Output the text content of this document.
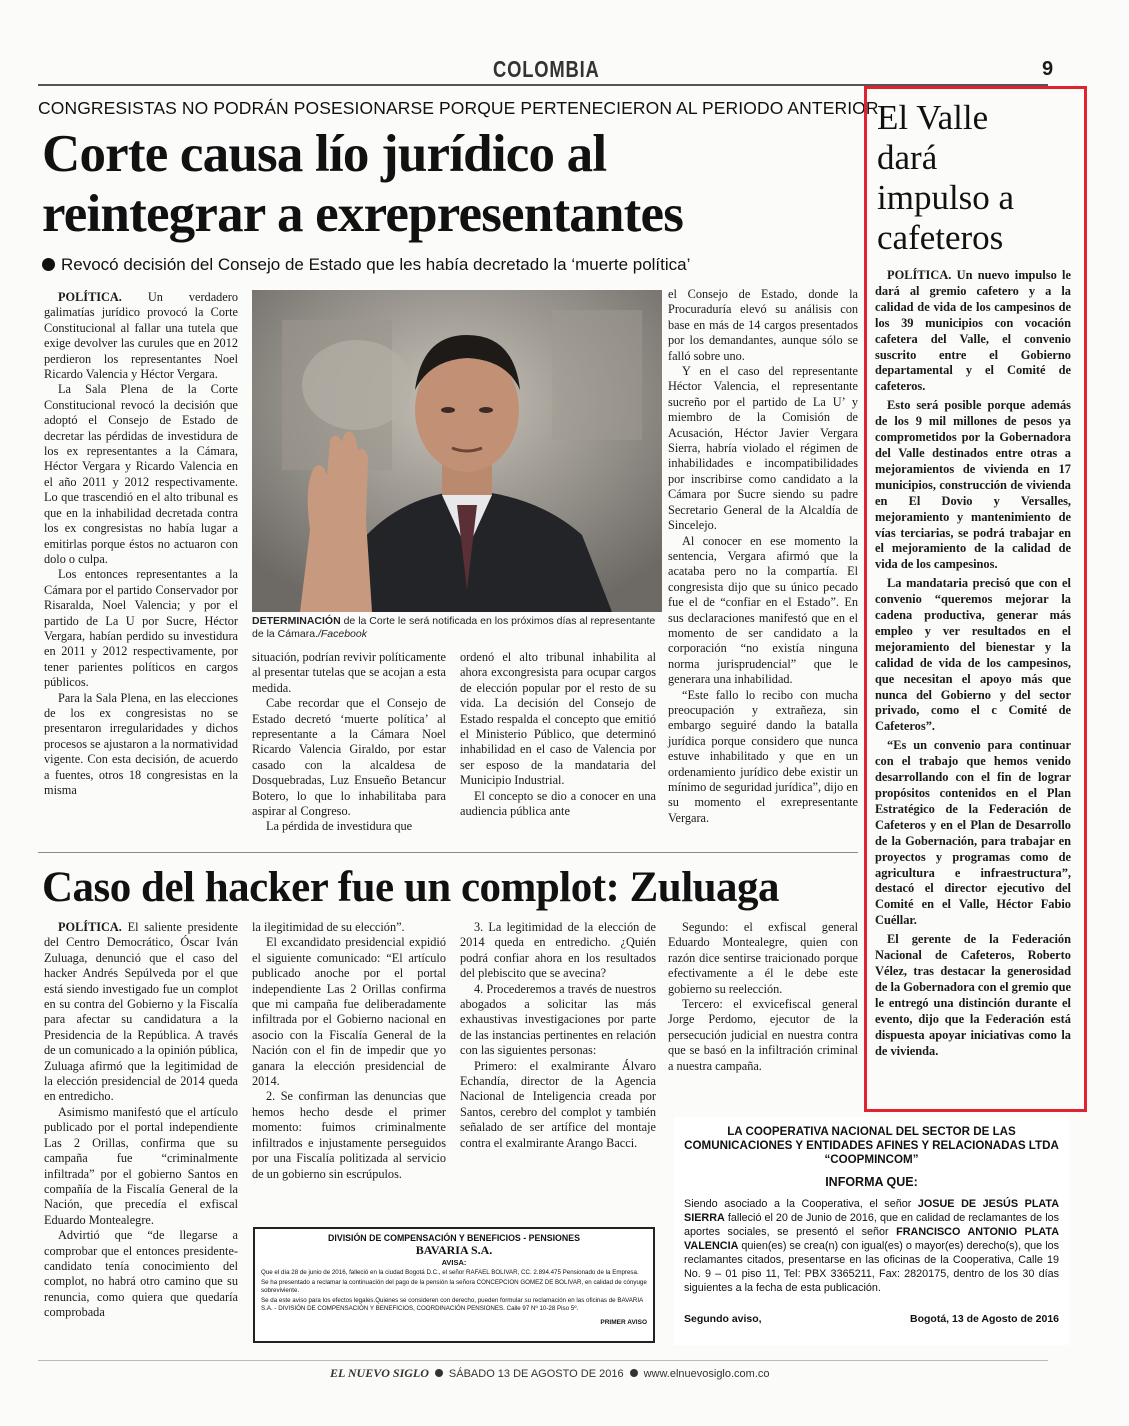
COLOMBIA	9
CONGRESISTAS NO PODRÁN POSESIONARSE PORQUE PERTENECIERON AL PERIODO ANTERIOR
Corte causa lío jurídico al
reintegrar a exrepresentantes
Revocó decisión del Consejo de Estado que les había decretado la ‘muerte política’

POLÍTICA. Un verdadero galimatías jurídico provocó la Corte Constitucional al fallar una tutela que exige devolver las curules que en 2012 perdieron los representantes Noel Ricardo Valencia y Héctor Vergara.

La Sala Plena de la Corte Constitucional revocó la decisión que adoptó el Consejo de Estado de decretar las pérdidas de investidura de los ex representantes a la Cámara, Héctor Vergara y Ricardo Valencia en el año 2011 y 2012 respectivamente. Lo que trascendió en el alto tribunal es que en la inhabilidad decretada contra los ex congresistas no había lugar a emitirlas porque éstos no actuaron con dolo o culpa.

Los entonces representantes a la Cámara por el partido Conservador por Risaralda, Noel Valencia; y por el partido de La U por Sucre, Héctor Vergara, habían perdido su investidura en 2011 y 2012 respectivamente, por tener parientes políticos en cargos públicos.

Para la Sala Plena, en las elecciones de los ex congresistas no se presentaron irregularidades y dichos procesos se ajustaron a la normatividad vigente. Con esta decisión, de acuerdo a fuentes, otros 18 congresistas en la misma

DETERMINACIÓN de la Corte le será notificada en los próximos días al representante de la Cámara./Facebook

situación, podrían revivir políticamente al presentar tutelas que se acojan a esta medida.

Cabe recordar que el Consejo de Estado decretó ‘muerte política’ al representante a la Cámara Noel Ricardo Valencia Giraldo, por estar casado con la alcaldesa de Dosquebradas, Luz Ensueño Betancur Botero, lo que lo inhabilitaba para aspirar al Congreso.

La pérdida de investidura que

ordenó el alto tribunal inhabilita al ahora excongresista para ocupar cargos de elección popular por el resto de su vida. La decisión del Consejo de Estado respalda el concepto que emitió el Ministerio Público, que determinó inhabilidad en el caso de Valencia por ser esposo de la mandataria del Municipio Industrial.

El concepto se dio a conocer en una audiencia pública ante

el Consejo de Estado, donde la Procuraduría elevó su análisis con base en más de 14 cargos presentados por los demandantes, aunque sólo se falló sobre uno.

Y en el caso del representante Héctor Valencia, el representante sucreño por el partido de La U’ y miembro de la Comisión de Acusación, Héctor Javier Vergara Sierra, habría violado el régimen de inhabilidades e incompatibilidades por inscribirse como candidato a la Cámara por Sucre siendo su padre Secretario General de la Alcaldía de Sincelejo.

Al conocer en ese momento la sentencia, Vergara afirmó que la acataba pero no la compartía. El congresista dijo que su único pecado fue el de “confiar en el Estado”. En sus declaraciones manifestó que en el momento de ser candidato a la corporación “no existía ninguna norma jurisprudencial” que le generara una inhabilidad.

“Este fallo lo recibo con mucha preocupación y extrañeza, sin embargo seguiré dando la batalla jurídica porque considero que nunca estuve inhabilitado y que en un ordenamiento jurídico debe existir un mínimo de seguridad jurídica”, dijo en su momento el exrepresentante Vergara.

Caso del hacker fue un complot: Zuluaga

POLÍTICA. El saliente presidente del Centro Democrático, Óscar Iván Zuluaga, denunció que el caso del hacker Andrés Sepúlveda por el que está siendo investigado fue un complot en su contra del Gobierno y la Fiscalía para afectar su candidatura a la Presidencia de la República. A través de un comunicado a la opinión pública, Zuluaga afirmó que la legitimidad de la elección presidencial de 2014 queda en entredicho.

Asimismo manifestó que el artículo publicado por el portal independiente Las 2 Orillas, confirma que su campaña fue “criminalmente infiltrada” por el gobierno Santos en compañía de la Fiscalía General de la Nación, que precedía el exfiscal Eduardo Montealegre.

Advirtió que “de llegarse a comprobar que el entonces presidente-candidato tenía conocimiento del complot, no habrá otro camino que su renuncia, como quiera que quedaría comprobada

la ilegitimidad de su elección”.

El excandidato presidencial expidió el siguiente comunicado: “El artículo publicado anoche por el portal independiente Las 2 Orillas confirma que mi campaña fue deliberadamente infiltrada por el Gobierno nacional en asocio con la Fiscalía General de la Nación con el fin de impedir que yo ganara la elección presidencial de 2014.

2. Se confirman las denuncias que hemos hecho desde el primer momento: fuimos criminalmente infiltrados e injustamente perseguidos por una Fiscalía politizada al servicio de un gobierno sin escrúpulos.

3. La legitimidad de la elección de 2014 queda en entredicho. ¿Quién podrá confiar ahora en los resultados del plebiscito que se avecina?

4. Procederemos a través de nuestros abogados a solicitar las más exhaustivas investigaciones por parte de las instancias pertinentes en relación con las siguientes personas:

Primero: el exalmirante Álvaro Echandía, director de la Agencia Nacional de Inteligencia creada por Santos, cerebro del complot y también señalado de ser artífice del montaje contra el exalmirante Arango Bacci.

Segundo: el exfiscal general Eduardo Montealegre, quien con razón dice sentirse traicionado porque efectivamente a él le debe este gobierno su reelección.

Tercero: el exvicefiscal general Jorge Perdomo, ejecutor de la persecución judicial en nuestra contra que se basó en la infiltración criminal a nuestra campaña.

El Valle
dará
impulso a
cafeteros

POLÍTICA. Un nuevo impulso le dará al gremio cafetero y a la calidad de vida de los campesinos de los 39 municipios con vocación cafetera del Valle, el convenio suscrito entre el Gobierno departamental y el Comité de cafeteros.

Esto será posible porque además de los 9 mil millones de pesos ya comprometidos por la Gobernadora del Valle destinados entre otras a mejoramientos de vivienda en 17 municipios, construcción de vivienda en El Dovio y Versalles, mejoramiento y mantenimiento de vías terciarias, se podrá trabajar en el mejoramiento de la calidad de vida de los campesinos.

La mandataria precisó que con el convenio “queremos mejorar la cadena productiva, generar más empleo y ver resultados en el mejoramiento del bienestar y la calidad de vida de los campesinos, que necesitan el apoyo más que nunca del Gobierno y del sector privado, como el c Comité de Cafeteros”.

“Es un convenio para continuar con el trabajo que hemos venido desarrollando con el fin de lograr propósitos contenidos en el Plan Estratégico de la Federación de Cafeteros y en el Plan de Desarrollo de la Gobernación, para trabajar en proyectos y programas como de agricultura e infraestructura”, destacó el director ejecutivo del Comité en el Valle, Héctor Fabio Cuéllar.

El gerente de la Federación Nacional de Cafeteros, Roberto Vélez, tras destacar la generosidad de la Gobernadora con el gremio que le entregó una distinción durante el evento, dijo que la Federación está dispuesta apoyar iniciativas como la de vivienda.

LA COOPERATIVA NACIONAL DEL SECTOR DE LAS
COMUNICACIONES Y ENTIDADES AFINES Y RELACIONADAS LTDA
“COOPMINCOM”
INFORMA QUE:
Siendo asociado a la Cooperativa, el señor JOSUE DE JESÚS PLATA SIERRA falleció el 20 de Junio de 2016, que en calidad de reclamantes de los aportes sociales, se presentó el señor FRANCISCO ANTONIO PLATA VALENCIA quien(es) se crea(n) con igual(es) o mayor(es) derecho(s), que los reclamantes citados, presentarse en las oficinas de la Cooperativa, Calle 19 No. 9 – 01 piso 11, Tel: PBX 3365211, Fax: 2820175, dentro de los 30 días siguientes a la fecha de esta publicación.
Segundo aviso,	Bogotá, 13 de Agosto de 2016
DIVISIÓN DE COMPENSACIÓN Y BENEFICIOS - PENSIONES
BAVARIA S.A.
AVISA:
Que el día 28 de junio de 2016, falleció en la ciudad Bogotá D.C., el señor RAFAEL BOLIVAR, CC. 2.894.475 Pensionado de la Empresa.
Se ha presentado a reclamar la continuación del pago de la pensión la señora CONCEPCION GOMEZ DE BOLIVAR, en calidad de cónyuge sobreviviente.
Se da este aviso para los efectos legales.Quienes se consideren con derecho, pueden formular su reclamación en las oficinas de BAVARIA S.A. - DIVISIÓN DE COMPENSACIÓN Y BENEFICIOS, COORDINACIÓN PENSIONES. Calle 97 Nº 10-28 Piso 5º.
PRIMER AVISO
EL NUEVO SIGLO SÁBADO 13 DE AGOSTO DE 2016 www.elnuevosiglo.com.co
